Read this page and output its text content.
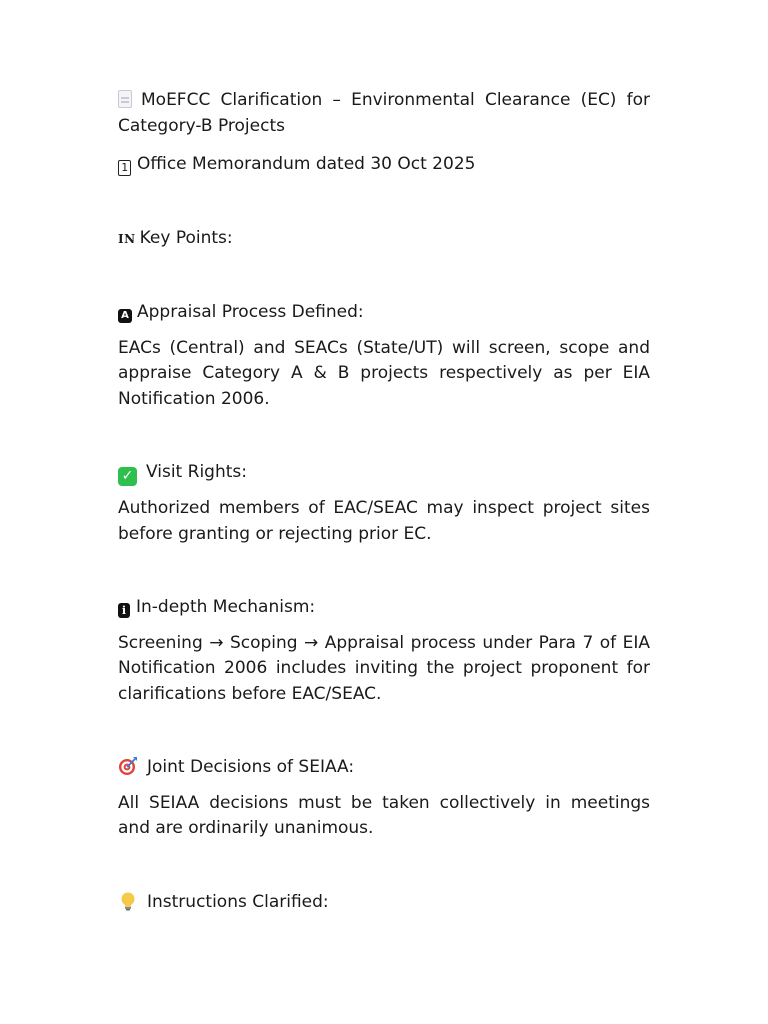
MoEFCC Clarification – Environmental Clearance (EC) for Category-B Projects

1 Office Memorandum dated 30 Oct 2025

IN Key Points:

A Appraisal Process Defined:

EACs (Central) and SEACs (State/UT) will screen, scope and appraise Category A & B projects respectively as per EIA Notification 2006.

✓ Visit Rights:

Authorized members of EAC/SEAC may inspect project sites before granting or rejecting prior EC.

i In-depth Mechanism:

Screening → Scoping → Appraisal process under Para 7 of EIA Notification 2006 includes inviting the project proponent for clarifications before EAC/SEAC.

Joint Decisions of SEIAA:

All SEIAA decisions must be taken collectively in meetings and are ordinarily unanimous.

Instructions Clarified:
